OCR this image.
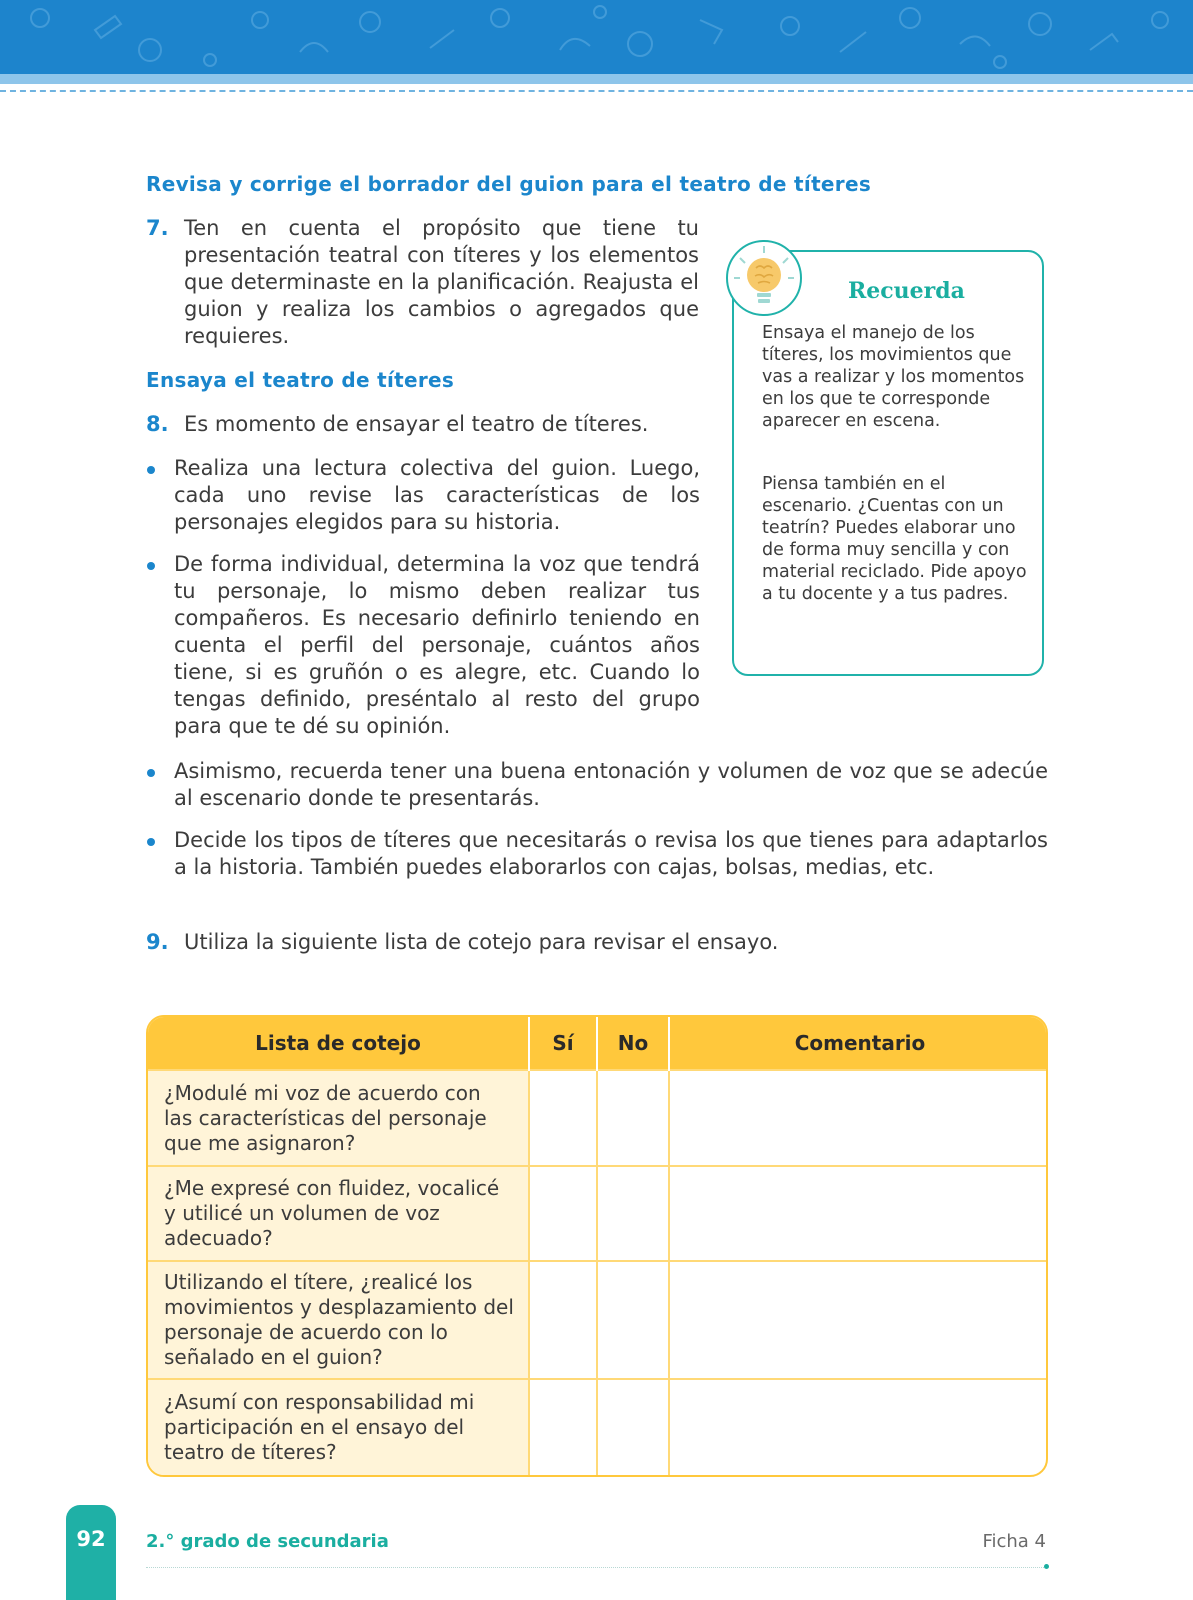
Revisa y corrige el borrador del guion para el teatro de títeres
7. Ten en cuenta el propósito que tiene tu presentación teatral con títeres y los elementos que determinaste en la planificación. Reajusta el guion y realiza los cambios o agregados que requieres.

Ensaya el teatro de títeres
8. Es momento de ensayar el teatro de títeres.

Realiza una lectura colectiva del guion. Luego, cada uno revise las características de los personajes elegidos para su historia.

De forma individual, determina la voz que tendrá tu personaje, lo mismo deben realizar tus compañeros. Es necesario definirlo teniendo en cuenta el perfil del personaje, cuántos años tiene, si es gruñón o es alegre, etc. Cuando lo tengas definido, preséntalo al resto del grupo para que te dé su opinión.

Asimismo, recuerda tener una buena entonación y volumen de voz que se adecúe al escenario donde te presentarás.

Decide los tipos de títeres que necesitarás o revisa los que tienes para adaptarlos a la historia. También puedes elaborarlos con cajas, bolsas, medias, etc.

9. Utiliza la siguiente lista de cotejo para revisar el ensayo.

Recuerda

Ensaya el manejo de los títeres, los movimientos que vas a realizar y los momentos en los que te corresponde aparecer en escena.

Piensa también en el escenario. ¿Cuentas con un teatrín? Puedes elaborar uno de forma muy sencilla y con material reciclado. Pide apoyo a tu docente y a tus padres.

Lista de cotejo	Sí	No	Comentario
¿Modulé mi voz de acuerdo con las características del personaje que me asignaron?			
¿Me expresé con fluidez, vocalicé y utilicé un volumen de voz adecuado?			
Utilizando el títere, ¿realicé los movimientos y desplazamiento del personaje de acuerdo con lo señalado en el guion?			
¿Asumí con responsabilidad mi participación en el ensayo del teatro de títeres?			
92	2.° grado de secundaria	Ficha 4
